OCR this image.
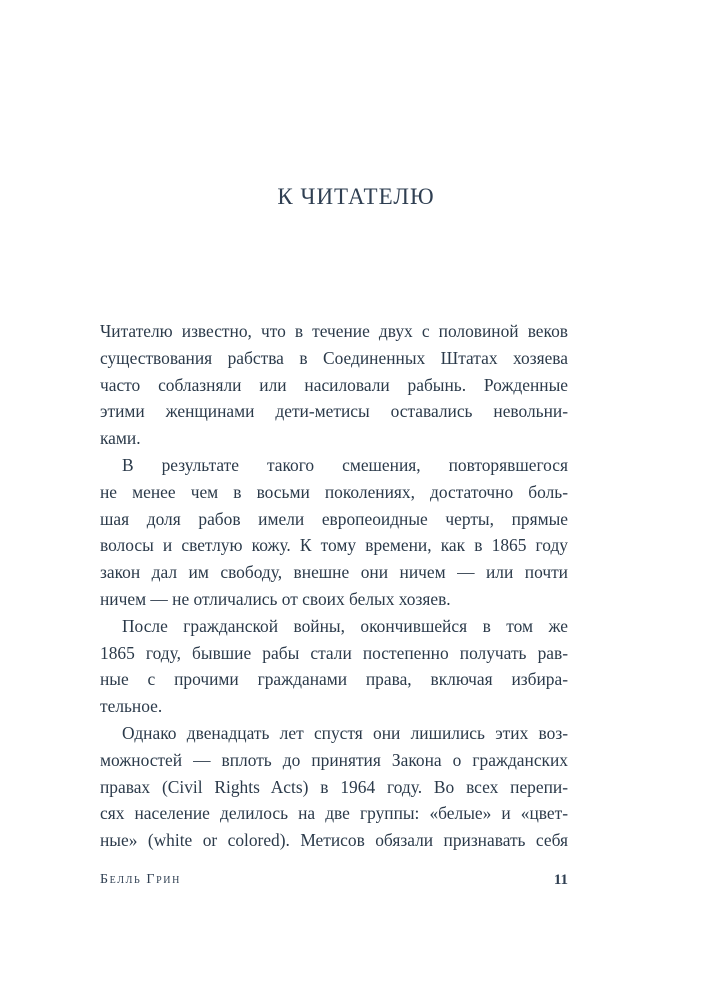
К ЧИТАТЕЛЮ
Читателю известно, что в течение двух с половиной веков
существования рабства в Соединенных Штатах хозяева
часто соблазняли или насиловали рабынь. Рожденные
этими женщинами дети-метисы оставались невольни-
ками.
В результате такого смешения, повторявшегося
не менее чем в восьми поколениях, достаточно боль-
шая доля рабов имели европеоидные черты, прямые
волосы и светлую кожу. К тому времени, как в 1865 году
закон дал им свободу, внешне они ничем — или почти
ничем — не отличались от своих белых хозяев.
После гражданской войны, окончившейся в том же
1865 году, бывшие рабы стали постепенно получать рав-
ные с прочими гражданами права, включая избира-
тельное.
Однако двенадцать лет спустя они лишились этих воз-
можностей — вплоть до принятия Закона о гражданских
правах (Civil Rights Acts) в 1964 году. Во всех перепи-
сях население делилось на две группы: «белые» и «цвет-
ные» (white or colored). Метисов обязали признавать себя
Белль Грин	11
